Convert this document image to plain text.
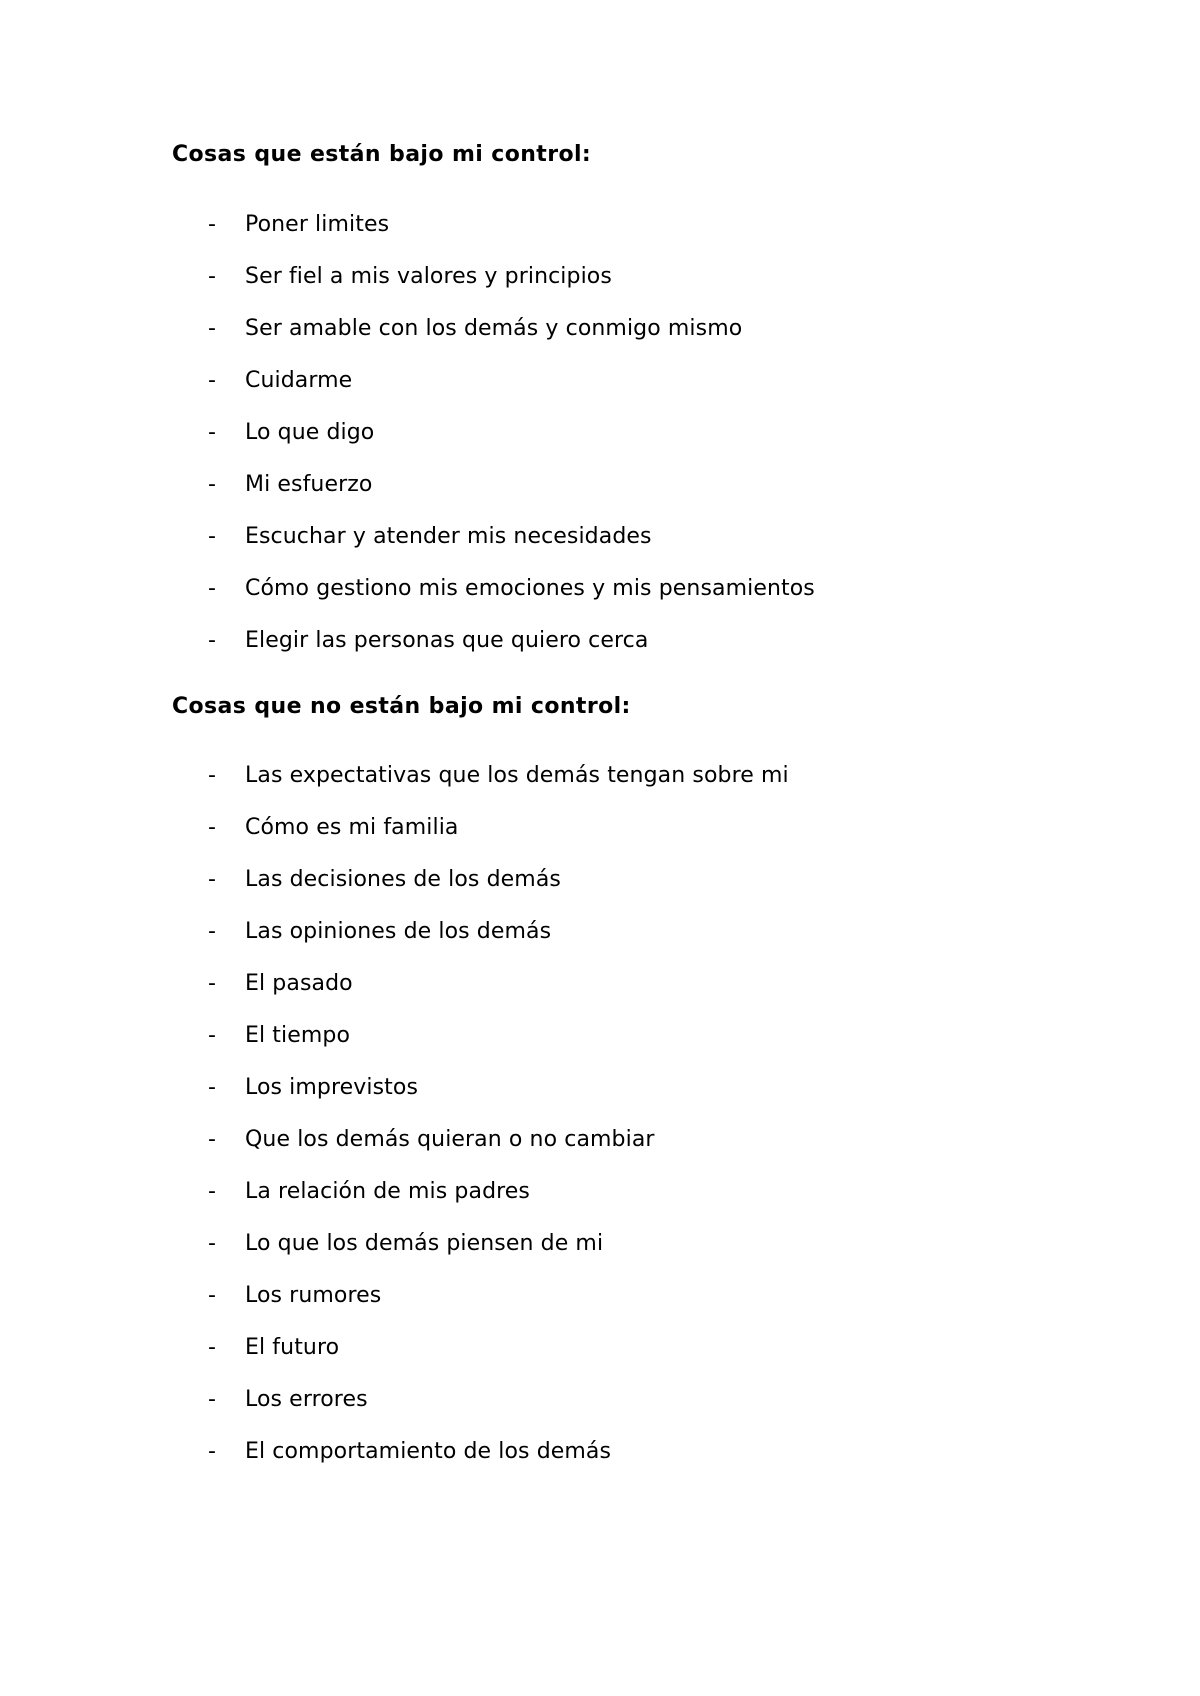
Cosas que están bajo mi control:
- Poner limites
- Ser fiel a mis valores y principios
- Ser amable con los demás y conmigo mismo
- Cuidarme
- Lo que digo
- Mi esfuerzo
- Escuchar y atender mis necesidades
- Cómo gestiono mis emociones y mis pensamientos
- Elegir las personas que quiero cerca
Cosas que no están bajo mi control:
- Las expectativas que los demás tengan sobre mi
- Cómo es mi familia
- Las decisiones de los demás
- Las opiniones de los demás
- El pasado
- El tiempo
- Los imprevistos
- Que los demás quieran o no cambiar
- La relación de mis padres
- Lo que los demás piensen de mi
- Los rumores
- El futuro
- Los errores
- El comportamiento de los demás
